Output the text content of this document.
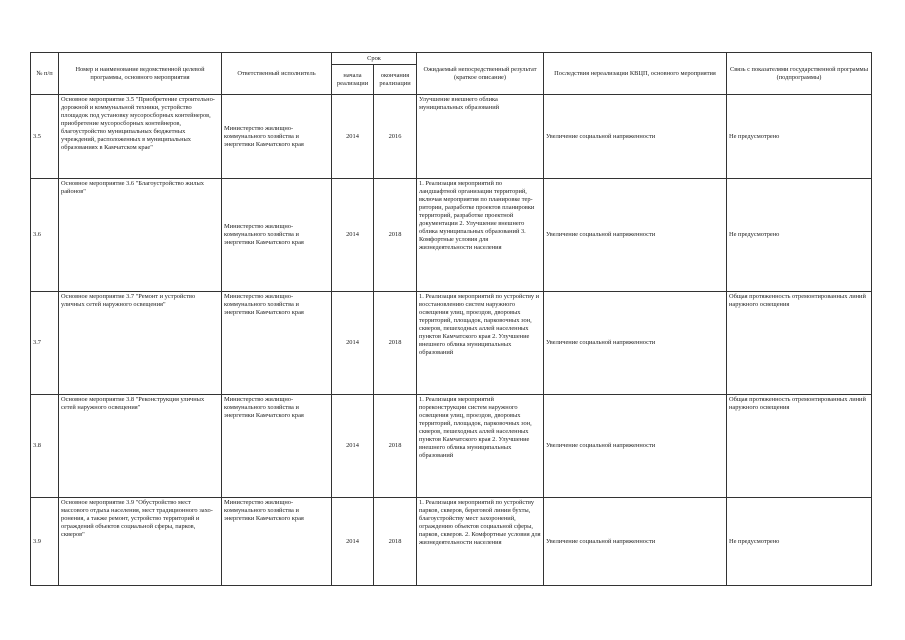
№ п/п	Номер и наименование ведомственной целевой программы, основного мероприятия	Ответственный исполнитель	Срок		Ожидаемый непосредственный результат (краткое описание)	Последствия нереализации КВЦП, основного мероприятия	Связь с показателями государственной программы (подпрограммы)
			начала реализации	окончания реализации			
3.5	Основное мероприятие 3.5 "Приобретение строительно-дорожной и коммунальной техники, устройство площадок под установку мусоросборных контейнеров, приобретение мусоросборных контейнеров, благоустройство муниципальных бюджетных учреждений, расположенных в муниципальных образованиях в Камчатском крае"	Министерство жилищно-коммунального хозяйства и энергетики Камчатского края	2014	2016	Улучшение внешнего облика муниципальных образований	Увеличение социальной напряженности	Не предусмотрено
3.6	Основное мероприятие 3.6 "Благоустройство жилых районов"	Министерство жилищно-коммунального хозяйства и энергетики Камчатского края	2014	2018	1. Реализация мероприятий по ландшафтной организации территорий, включая мероприятия по планировке тер-ритории, разработке проектов планировки территорий, разработке проектной документации 2. Улучшение внешнего облика муниципальных образований 3. Комфортные условия для жизнедеятельности населения	Увеличение социальной напряженности	Не предусмотрено
3.7	Основное мероприятие 3.7 "Ремонт и устройство уличных сетей наружного освещения"	Министерство жилищно-коммунального хозяйства и энергетики Камчатского края	2014	2018	1. Реализация мероприятий по устройству и восстановлению систем наружного освещения улиц, проездов, дворовых территорий, площадок, парковочных зон, скверов, пешеходных аллей населенных пунктов Камчатского края 2. Улучшение внешнего облика муниципальных образований	Увеличение социальной напряженности	Общая протяженность отремонтированных линий наружного освещения
3.8	Основное мероприятие 3.8 "Реконструкция уличных сетей наружного освещения"	Министерство жилищно-коммунального хозяйства и энергетики Камчатского края	2014	2018	1. Реализация мероприятий пореконструкции систем наружного освещения улиц, проездов, дворовых территорий, площадок, парковочных зон, скверов, пешеходных аллей населенных пунктов Камчатского края 2. Улучшение внешнего облика муниципальных образований	Увеличение социальной напряженности	Общая протяженность отремонтированных линий наружного освещения
3.9	Основное мероприятие 3.9 "Обустройство мест массового отдыха населения, мест традиционного захо-ронения, а также ремонт, устройство территорий и ограждений объектов социальной сферы, парков, скверов"	Министерство жилищно-коммунального хозяйства и энергетики Камчатского края	2014	2018	1. Реализация мероприятий по устройству парков, скверов, береговой линии бухты, благоустройству мест захоронений, ограждению объектов социальной сферы, парков, скверов. 2. Комфортные условия для жизнедеятельности населения	Увеличение социальной напряженности	Не предусмотрено
